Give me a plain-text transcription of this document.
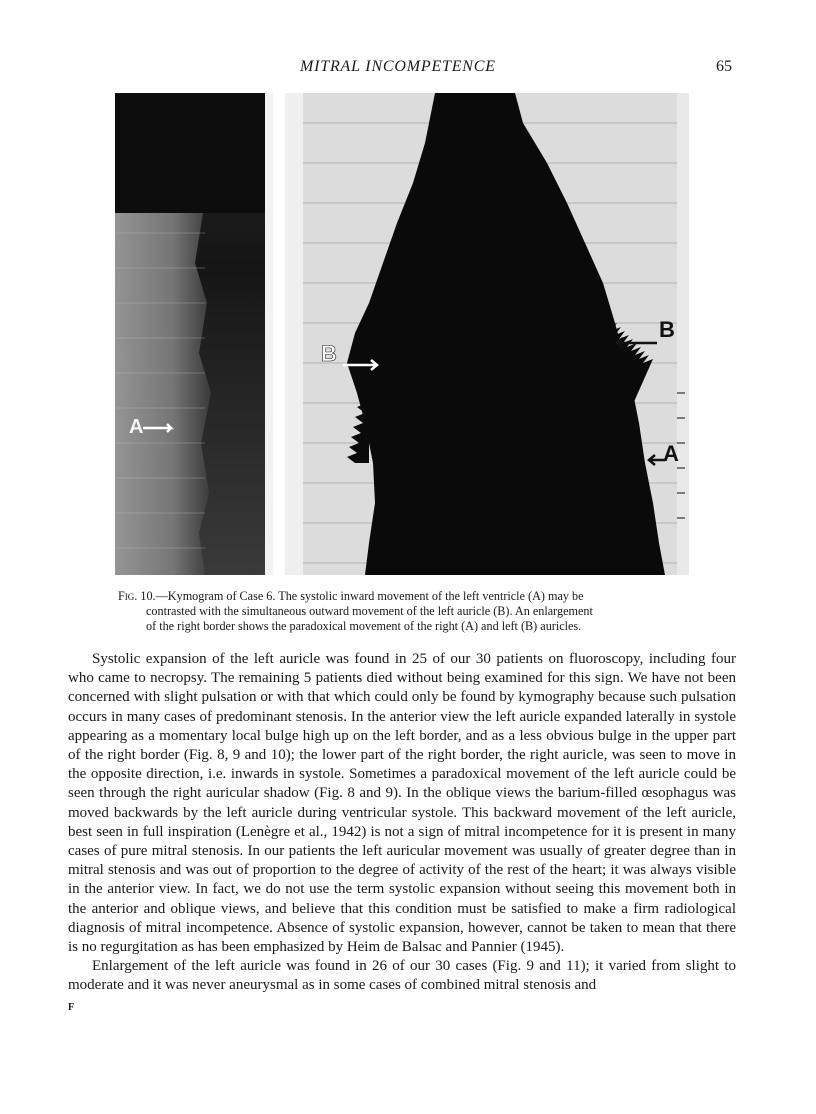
MITRAL INCOMPETENCE	65
A
B
B
A
Fig. 10.—Kymogram of Case 6. The systolic inward movement of the left ventricle (A) may be
contrasted with the simultaneous outward movement of the left auricle (B). An enlargement
of the right border shows the paradoxical movement of the right (A) and left (B) auricles.

Systolic expansion of the left auricle was found in 25 of our 30 patients on fluoroscopy, including four who came to necropsy. The remaining 5 patients died without being examined for this sign. We have not been concerned with slight pulsation or with that which could only be found by kymography because such pulsation occurs in many cases of predominant stenosis. In the anterior view the left auricle expanded laterally in systole appearing as a momentary local bulge high up on the left border, and as a less obvious bulge in the upper part of the right border (Fig. 8, 9 and 10); the lower part of the right border, the right auricle, was seen to move in the opposite direction, i.e. inwards in systole. Sometimes a paradoxical movement of the left auricle could be seen through the right auricular shadow (Fig. 8 and 9). In the oblique views the barium-filled œsophagus was moved backwards by the left auricle during ventricular systole. This backward movement of the left auricle, best seen in full inspiration (Lenègre et al., 1942) is not a sign of mitral incompetence for it is present in many cases of pure mitral stenosis. In our patients the left auricular movement was usually of greater degree than in mitral stenosis and was out of proportion to the degree of activity of the rest of the heart; it was always visible in the anterior view. In fact, we do not use the term systolic expansion without seeing this movement both in the anterior and oblique views, and believe that this condition must be satisfied to make a firm radiological diagnosis of mitral incompetence. Absence of systolic expansion, however, cannot be taken to mean that there is no regurgitation as has been emphasized by Heim de Balsac and Pannier (1945).

Enlargement of the left auricle was found in 26 of our 30 cases (Fig. 9 and 11); it varied from slight to moderate and it was never aneurysmal as in some cases of combined mitral stenosis and

F
